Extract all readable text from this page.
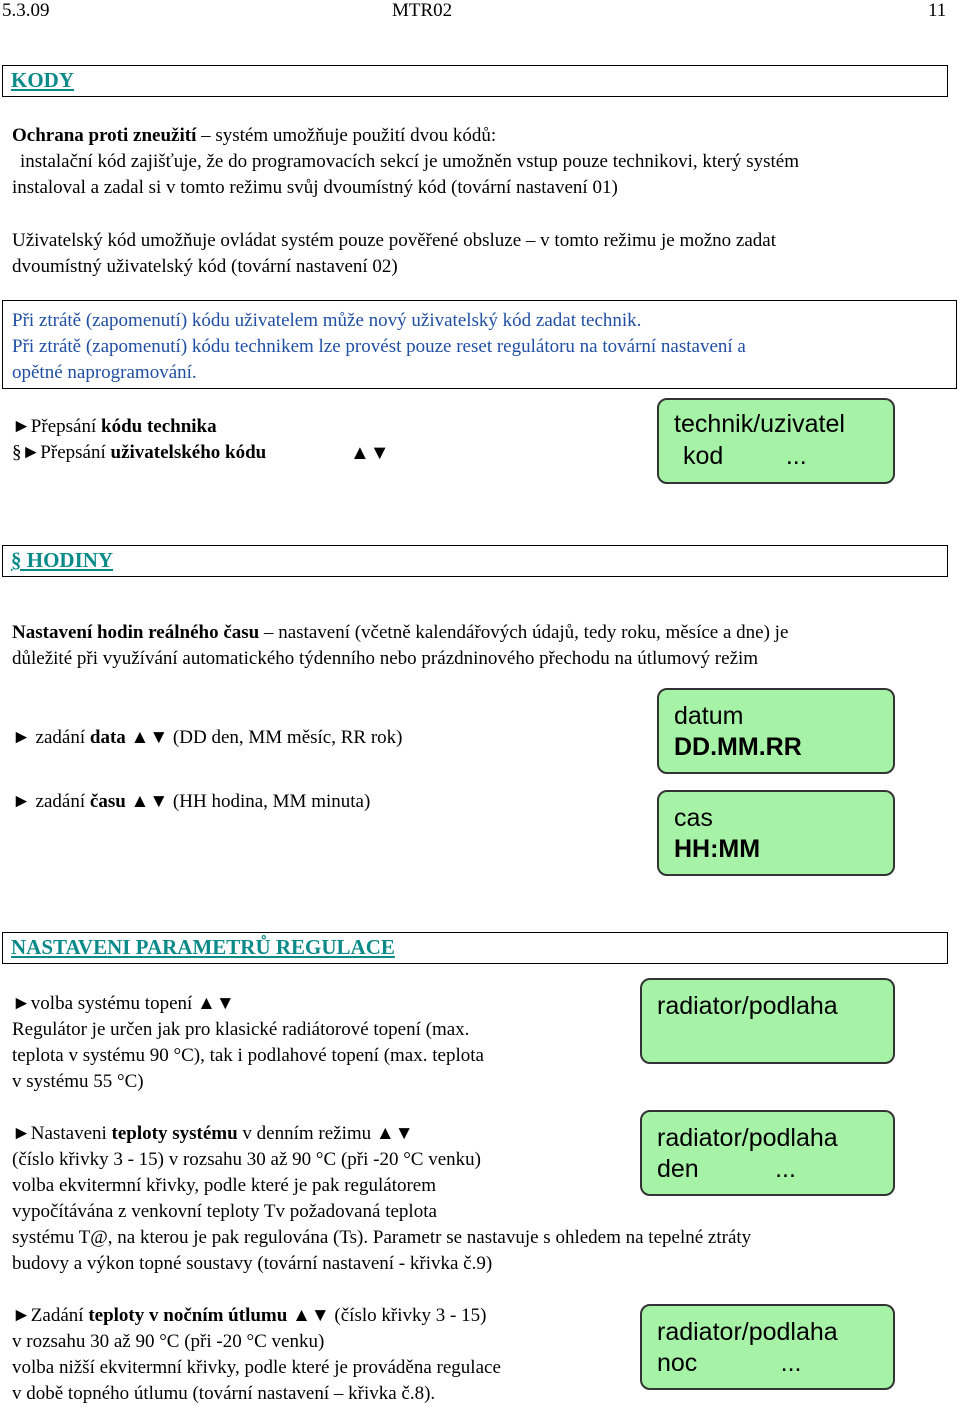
5.3.09	MTR02	11
KODY
Ochrana proti zneužití – systém umožňuje použití dvou kódů:
instalační kód zajišťuje, že do programovacích sekcí je umožněn vstup pouze technikovi, který systém
instaloval a zadal si v tomto režimu svůj dvoumístný kód (tovární nastavení 01)
Uživatelský kód umožňuje ovládat systém pouze pověřené obsluze – v tomto režimu je možno zadat
dvoumístný uživatelský kód (tovární nastavení 02)
Při ztrátě (zapomenutí) kódu uživatelem může nový uživatelský kód zadat technik.
Při ztrátě (zapomenutí) kódu technikem lze provést pouze reset regulátoru na tovární nastavení a
opětné naprogramování.
►Přepsání kódu technika
§►Přepsání uživatelského kódu	▲▼
technik/uzivatel
kod         ...
§ HODINY
Nastavení hodin reálného času – nastavení (včetně kalendářových údajů, tedy roku, měsíce a dne) je
důležité při využívání automatického týdenního nebo prázdninového přechodu na útlumový režim
► zadání data ▲▼ (DD den, MM měsíc, RR rok)
► zadání času ▲▼ (HH hodina, MM minuta)
datum
DD.MM.RR
cas
HH:MM
NASTAVENI PARAMETRŮ REGULACE
►volba systému topení ▲▼
Regulátor je určen jak pro klasické radiátorové topení (max.
teplota v systému 90 °C), tak i podlahové topení (max. teplota
v systému 55 °C)
radiator/podlaha
►Nastaveni teploty systému v denním režimu ▲▼
(číslo křivky 3 - 15) v rozsahu 30 až 90 °C (při -20 °C venku)
volba ekvitermní křivky, podle které je pak regulátorem
vypočítávána z venkovní teploty Tv požadovaná teplota
systému T@, na kterou je pak regulována (Ts). Parametr se nastavuje s ohledem na tepelné ztráty
budovy a výkon topné soustavy (tovární nastavení - křivka č.9)
radiator/podlaha
den           ...
►Zadání teploty v nočním útlumu ▲▼ (číslo křivky 3 - 15)
v rozsahu 30 až 90 °C (při -20 °C venku)
volba nižší ekvitermní křivky, podle které je prováděna regulace
v době topného útlumu (tovární nastavení – křivka č.8).
radiator/podlaha
noc            ...
